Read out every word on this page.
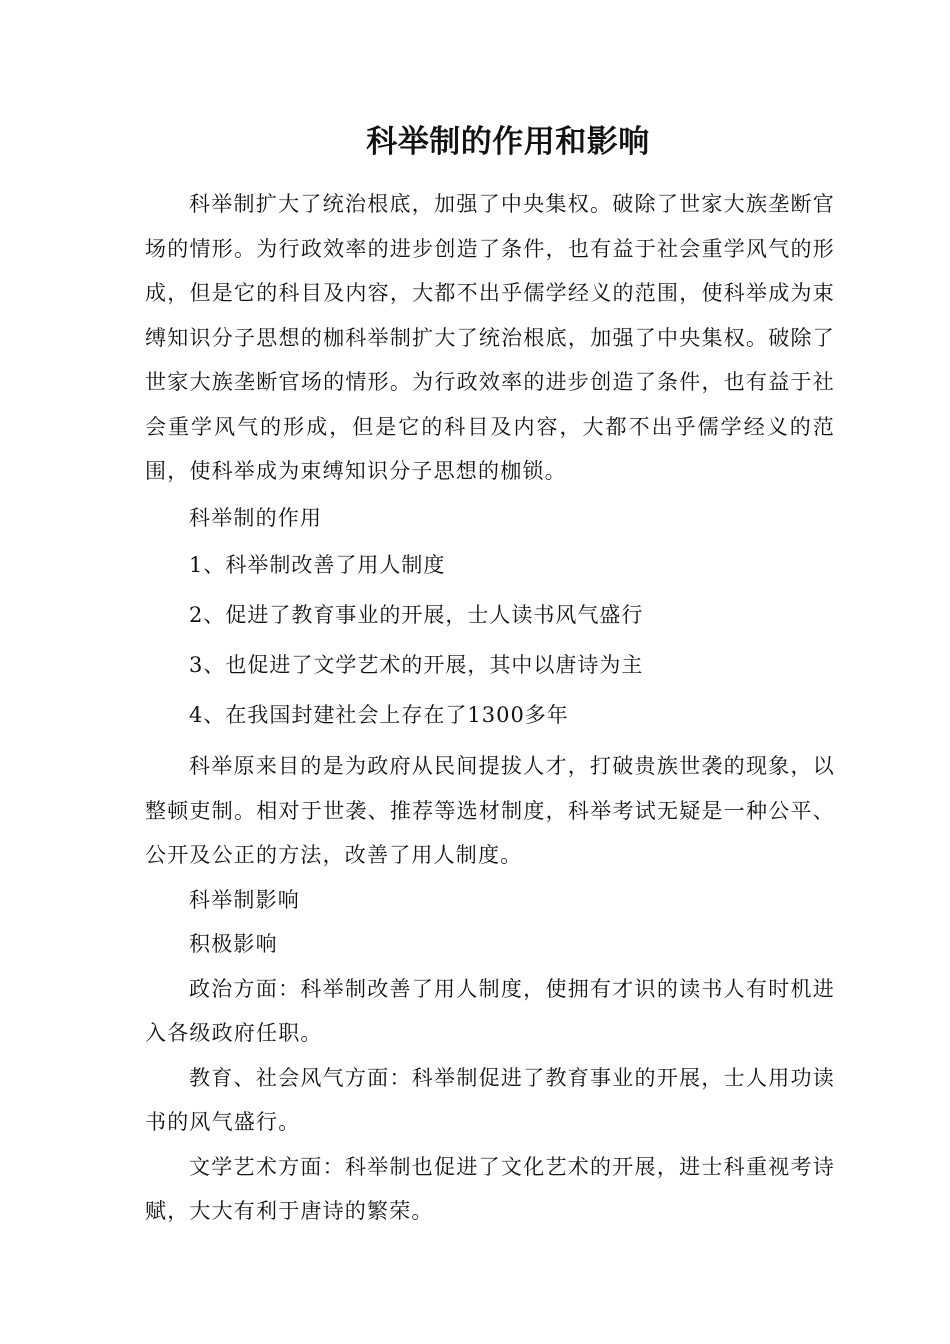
科举制的作用和影响

科举制扩大了统治根底，加强了中央集权。破除了世家大族垄断官场的情形。为行政效率的进步创造了条件，也有益于社会重学风气的形成，但是它的科目及内容，大都不出乎儒学经义的范围，使科举成为束缚知识分子思想的枷科举制扩大了统治根底，加强了中央集权。破除了世家大族垄断官场的情形。为行政效率的进步创造了条件，也有益于社会重学风气的形成，但是它的科目及内容，大都不出乎儒学经义的范围，使科举成为束缚知识分子思想的枷锁。

科举制的作用

1、科举制改善了用人制度

2、促进了教育事业的开展，士人读书风气盛行

3、也促进了文学艺术的开展，其中以唐诗为主

4、在我国封建社会上存在了1300多年

科举原来目的是为政府从民间提拔人才，打破贵族世袭的现象，以整顿吏制。相对于世袭、推荐等选材制度，科举考试无疑是一种公平、公开及公正的方法，改善了用人制度。

科举制影响

积极影响

政治方面：科举制改善了用人制度，使拥有才识的读书人有时机进入各级政府任职。

教育、社会风气方面：科举制促进了教育事业的开展，士人用功读书的风气盛行。

文学艺术方面：科举制也促进了文化艺术的开展，进士科重视考诗赋，大大有利于唐诗的繁荣。
